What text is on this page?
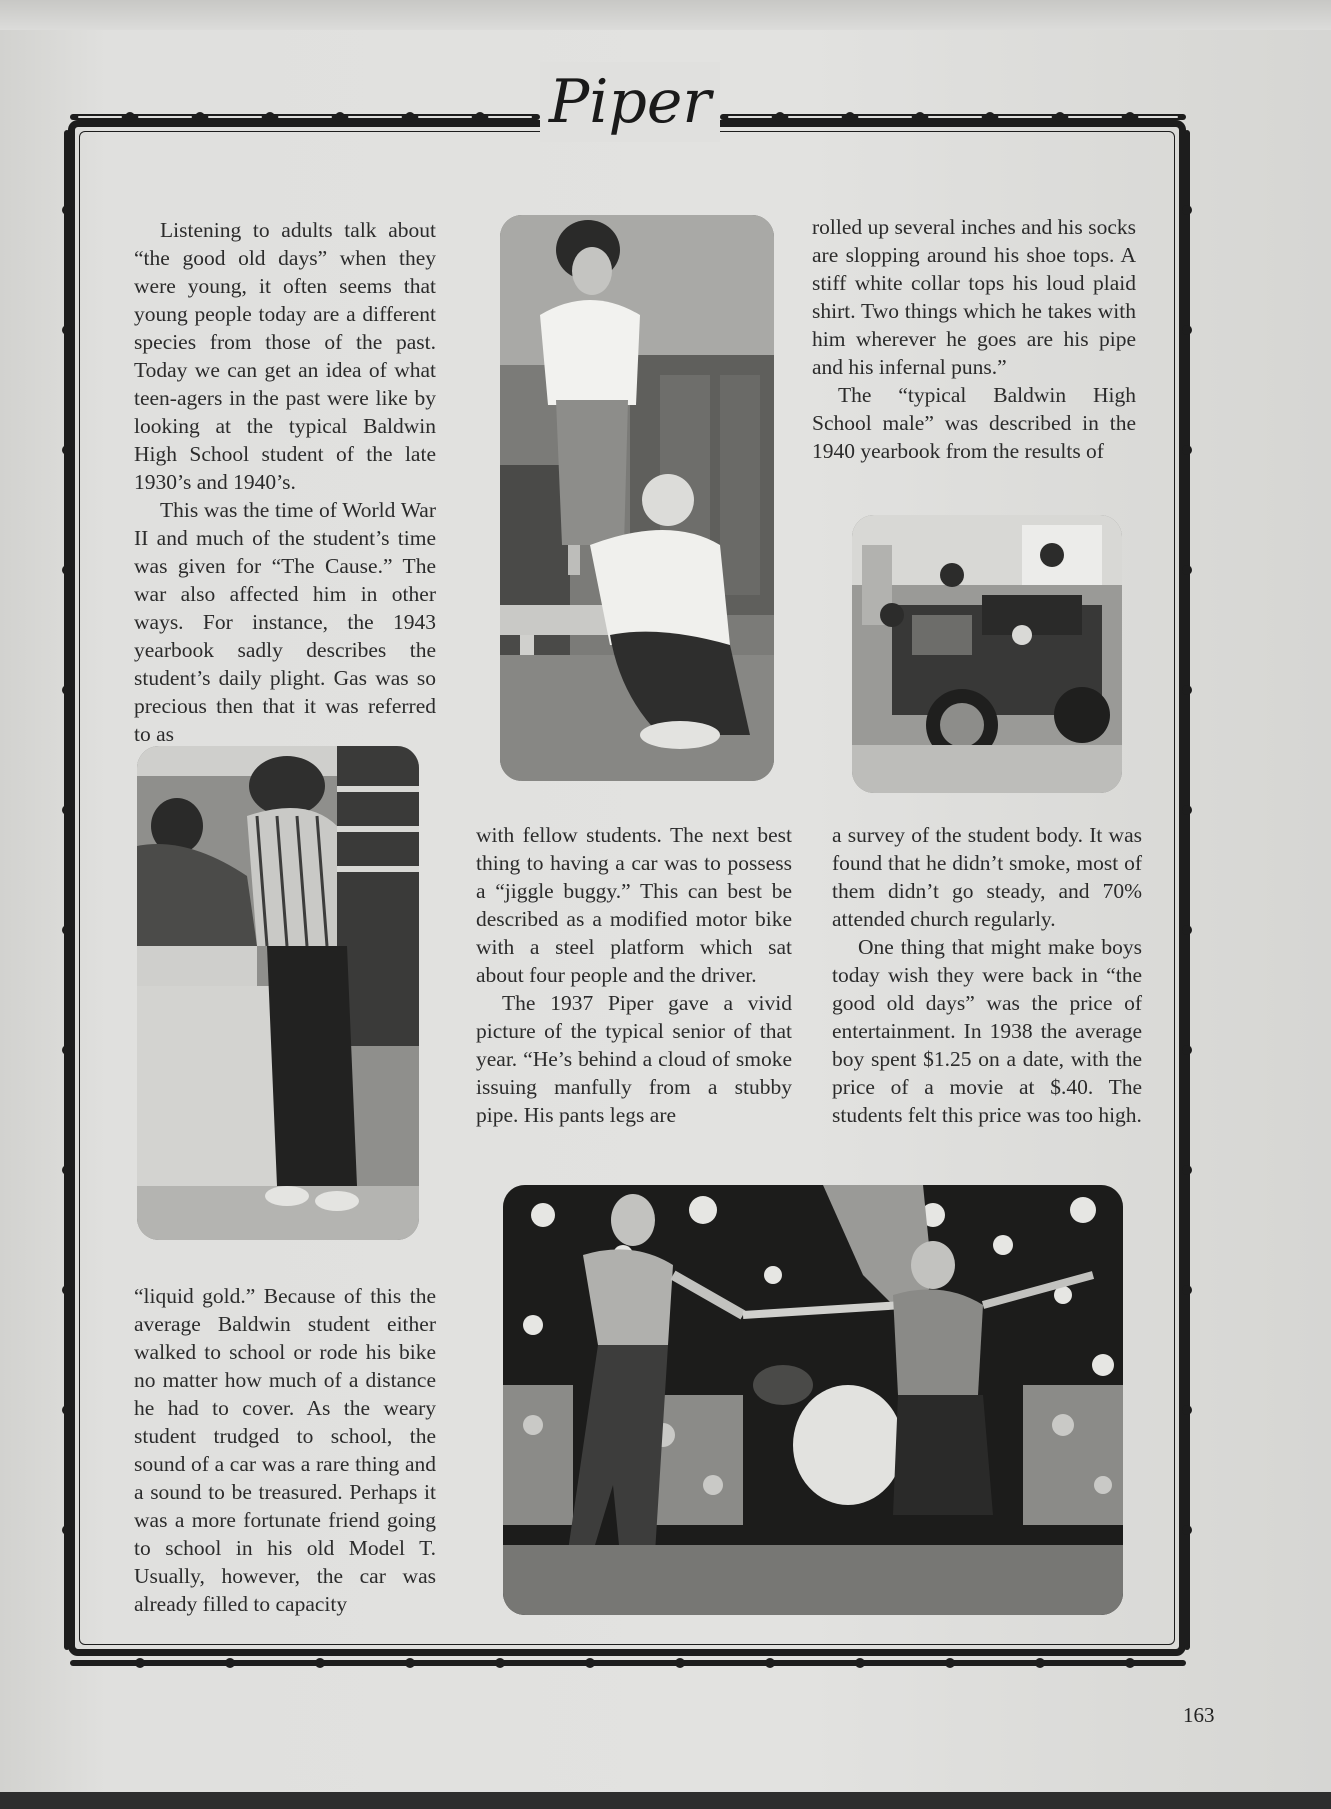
Piper

Listening to adults talk about “the good old days” when they were young, it often seems that young people today are a different species from those of the past. Today we can get an idea of what teen-agers in the past were like by looking at the typical Baldwin High School student of the late 1930’s and 1940’s.

This was the time of World War II and much of the student’s time was given for “The Cause.” The war also affected him in other ways. For instance, the 1943 yearbook sadly describes the student’s daily plight. Gas was so precious then that it was referred to as

“liquid gold.” Because of this the average Baldwin student either walked to school or rode his bike no matter how much of a distance he had to cover. As the weary student trudged to school, the sound of a car was a rare thing and a sound to be treasured. Perhaps it was a more fortunate friend going to school in his old Model T. Usually, however, the car was already filled to capacity

with fellow students. The next best thing to having a car was to possess a “jiggle buggy.” This can best be described as a modified motor bike with a steel platform which sat about four people and the driver.

The 1937 Piper gave a vivid picture of the typical senior of that year. “He’s behind a cloud of smoke issuing manfully from a stubby pipe. His pants legs are

rolled up several inches and his socks are slopping around his shoe tops. A stiff white collar tops his loud plaid shirt. Two things which he takes with him wherever he goes are his pipe and his infernal puns.”

The “typical Baldwin High School male” was described in the 1940 yearbook from the results of

a survey of the student body. It was found that he didn’t smoke, most of them didn’t go steady, and 70% attended church regularly.

One thing that might make boys today wish they were back in “the good old days” was the price of entertainment. In 1938 the average boy spent $1.25 on a date, with the price of a movie at $.40. The students felt this price was too high.

163
